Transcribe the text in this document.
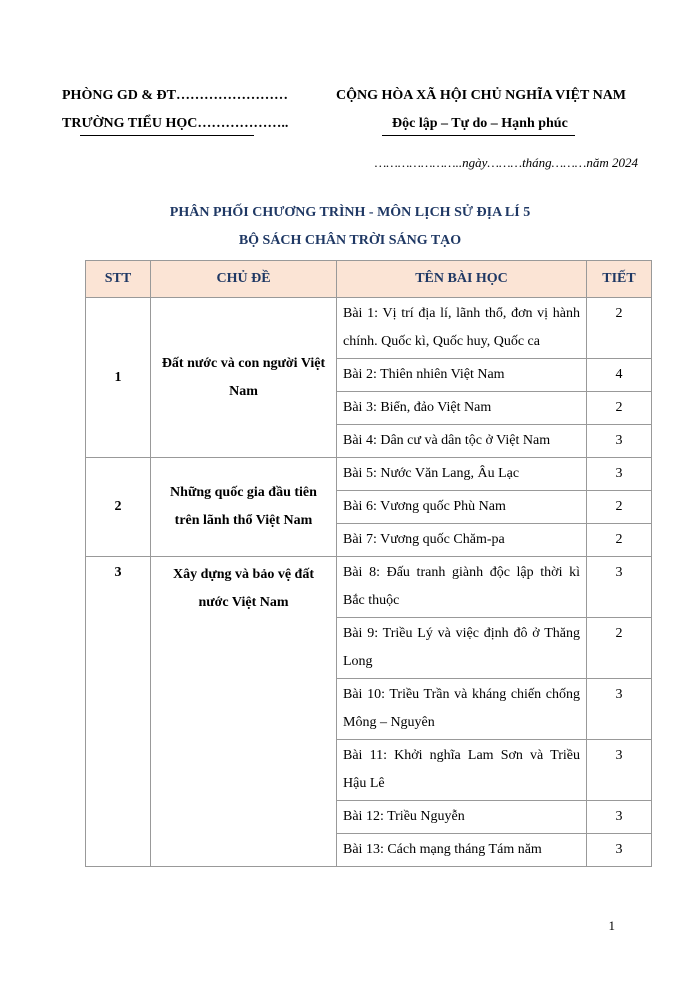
PHÒNG GD & ĐT……………………
TRƯỜNG TIỂU HỌC………………..
CỘNG HÒA XÃ HỘI CHỦ NGHĨA VIỆT NAM
Độc lập – Tự do – Hạnh phúc
…………………..ngày………tháng………năm 2024
PHÂN PHỐI CHƯƠNG TRÌNH - MÔN LỊCH SỬ ĐỊA LÍ 5
BỘ SÁCH CHÂN TRỜI SÁNG TẠO
STT	CHỦ ĐỀ	TÊN BÀI HỌC	TIẾT
1	Đất nước và con người Việt Nam	Bài 1: Vị trí địa lí, lãnh thổ, đơn vị hành chính. Quốc kì, Quốc huy, Quốc ca	2
		Bài 2: Thiên nhiên Việt Nam	4
		Bài 3: Biển, đảo Việt Nam	2
		Bài 4: Dân cư và dân tộc ở Việt Nam	3
2	Những quốc gia đầu tiên trên lãnh thổ Việt Nam	Bài 5: Nước Văn Lang, Âu Lạc	3
		Bài 6: Vương quốc Phù Nam	2
		Bài 7: Vương quốc Chăm-pa	2
3	Xây dựng và bảo vệ đất nước Việt Nam	Bài 8: Đấu tranh giành độc lập thời kì Bắc thuộc	3
		Bài 9: Triều Lý và việc định đô ở Thăng Long	2
		Bài 10: Triều Trần và kháng chiến chống Mông – Nguyên	3
		Bài 11: Khởi nghĩa Lam Sơn và Triều Hậu Lê	3
		Bài 12: Triều Nguyễn	3
		Bài 13: Cách mạng tháng Tám năm	3
1
